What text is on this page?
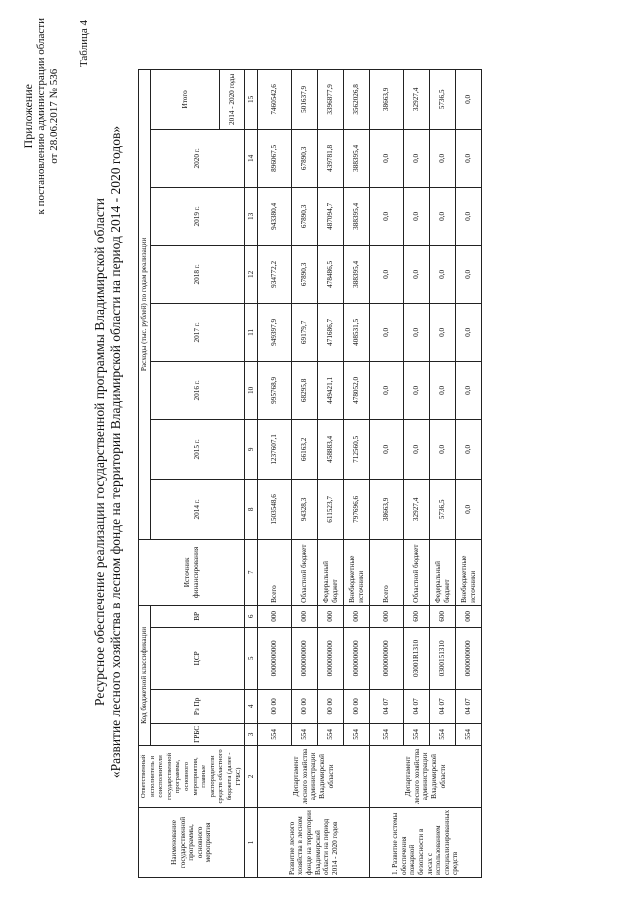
Приложение к постановлению администрации области от 28.06.2017 № 536
Таблица 4
Ресурсное обеспечение реализации государственной программы Владимирской области «Развитие лесного хозяйства в лесном фонде на территории Владимирской области на период 2014 - 2020 годов»
Наименование государственной программы, основного мероприятия	Ответственный исполнитель и соисполнители государственной программы, основного мероприятия, главные распорядители средств областного бюджета (далее - ГРБС)	Код бюджетной классификации				Источник финансирования	Расходы (тыс. рублей) по годам реализации							
		ГРБС	Рз Пр	ЦСР	ВР		2014 г.	2015 г.	2016 г.	2017 г.	2018 г.	2019 г.	2020 г.	Итого
														2014 - 2020 годы
1	2	3	4	5	6	7	8	9	10	11	12	13	14	15
Развитие лесного хозяйства в лесном фонде на территории Владимирской области на период 2014 - 2020 годов	Департамент лесного хозяйства администрации Владимирской области	554	00 00	0000000000	000	Всего	1503548,6	1237607,1	995768,9	949397,9	934772,2	943380,4	896067,5	7460542,6
		554	00 00	0000000000	000	Областной бюджет	94328,3	66163,2	68295,8	69179,7	67890,3	67890,3	67890,3	501637,9
		554	00 00	0000000000	000	Федеральный бюджет	611523,7	458883,4	449421,1	471686,7	478486,5	487094,7	439781,8	3396877,9
		554	00 00	0000000000	000	Внебюджетные источники	797696,6	712560,5	478052,0	408531,5	388395,4	388395,4	388395,4	3562026,8
1. Развитие системы обеспечения пожарной безопасности в лесах с использованием специализированных средств	Департамент лесного хозяйства администрации Владимирской области	554	04 07	0000000000	000	Всего	38663,9	0,0	0,0	0,0	0,0	0,0	0,0	38663,9
		554	04 07	03001R1310	600	Областной бюджет	32927,4	0,0	0,0	0,0	0,0	0,0	0,0	32927,4
		554	04 07	0300151310	600	Федеральный бюджет	5736,5	0,0	0,0	0,0	0,0	0,0	0,0	5736,5
		554	04 07	0000000000	000	Внебюджетные источники	0,0	0,0	0,0	0,0	0,0	0,0	0,0	0,0
